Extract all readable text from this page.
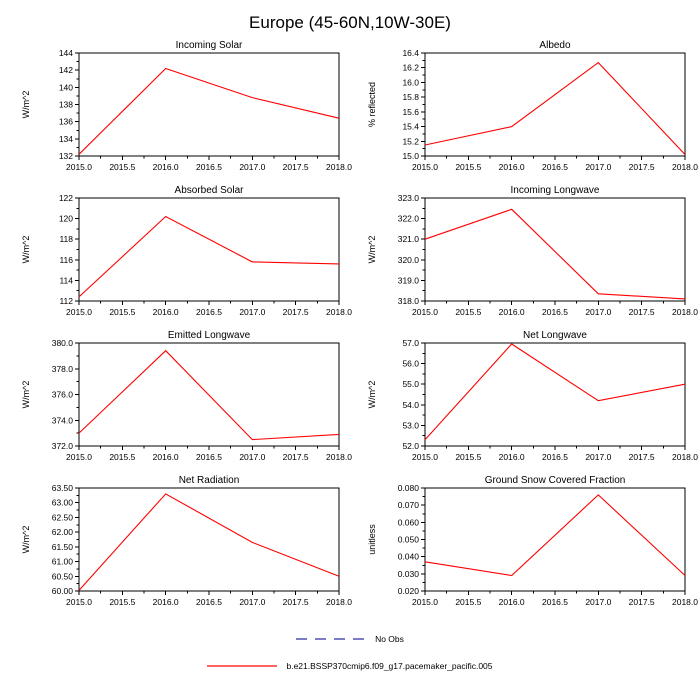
Europe (45-60N,10W-30E)
Incoming Solar
W/m^2
132
134
136
138
140
142
144
2015.0 2015.5 2016.0 2016.5 2017.0 2017.5 2018.0
Albedo
% reflected
15.0
15.2
15.4
15.6
15.8
16.0
16.2
16.4
2015.0 2015.5 2016.0 2016.5 2017.0 2017.5 2018.0
Absorbed Solar
W/m^2
112
114
116
118
120
122
2015.0 2015.5 2016.0 2016.5 2017.0 2017.5 2018.0
Incoming Longwave
W/m^2
318.0
319.0
320.0
321.0
322.0
323.0
2015.0 2015.5 2016.0 2016.5 2017.0 2017.5 2018.0
Emitted Longwave
W/m^2
372.0
374.0
376.0
378.0
380.0
2015.0 2015.5 2016.0 2016.5 2017.0 2017.5 2018.0
Net Longwave
W/m^2
52.0
53.0
54.0
55.0
56.0
57.0
2015.0 2015.5 2016.0 2016.5 2017.0 2017.5 2018.0
Net Radiation
W/m^2
60.00
60.50
61.00
61.50
62.00
62.50
63.00
63.50
2015.0 2015.5 2016.0 2016.5 2017.0 2017.5 2018.0
Ground Snow Covered Fraction
unitless
0.020
0.030
0.040
0.050
0.060
0.070
0.080
2015.0 2015.5 2016.0 2016.5 2017.0 2017.5 2018.0
No Obs
b.e21.BSSP370cmip6.f09_g17.pacemaker_pacific.005
